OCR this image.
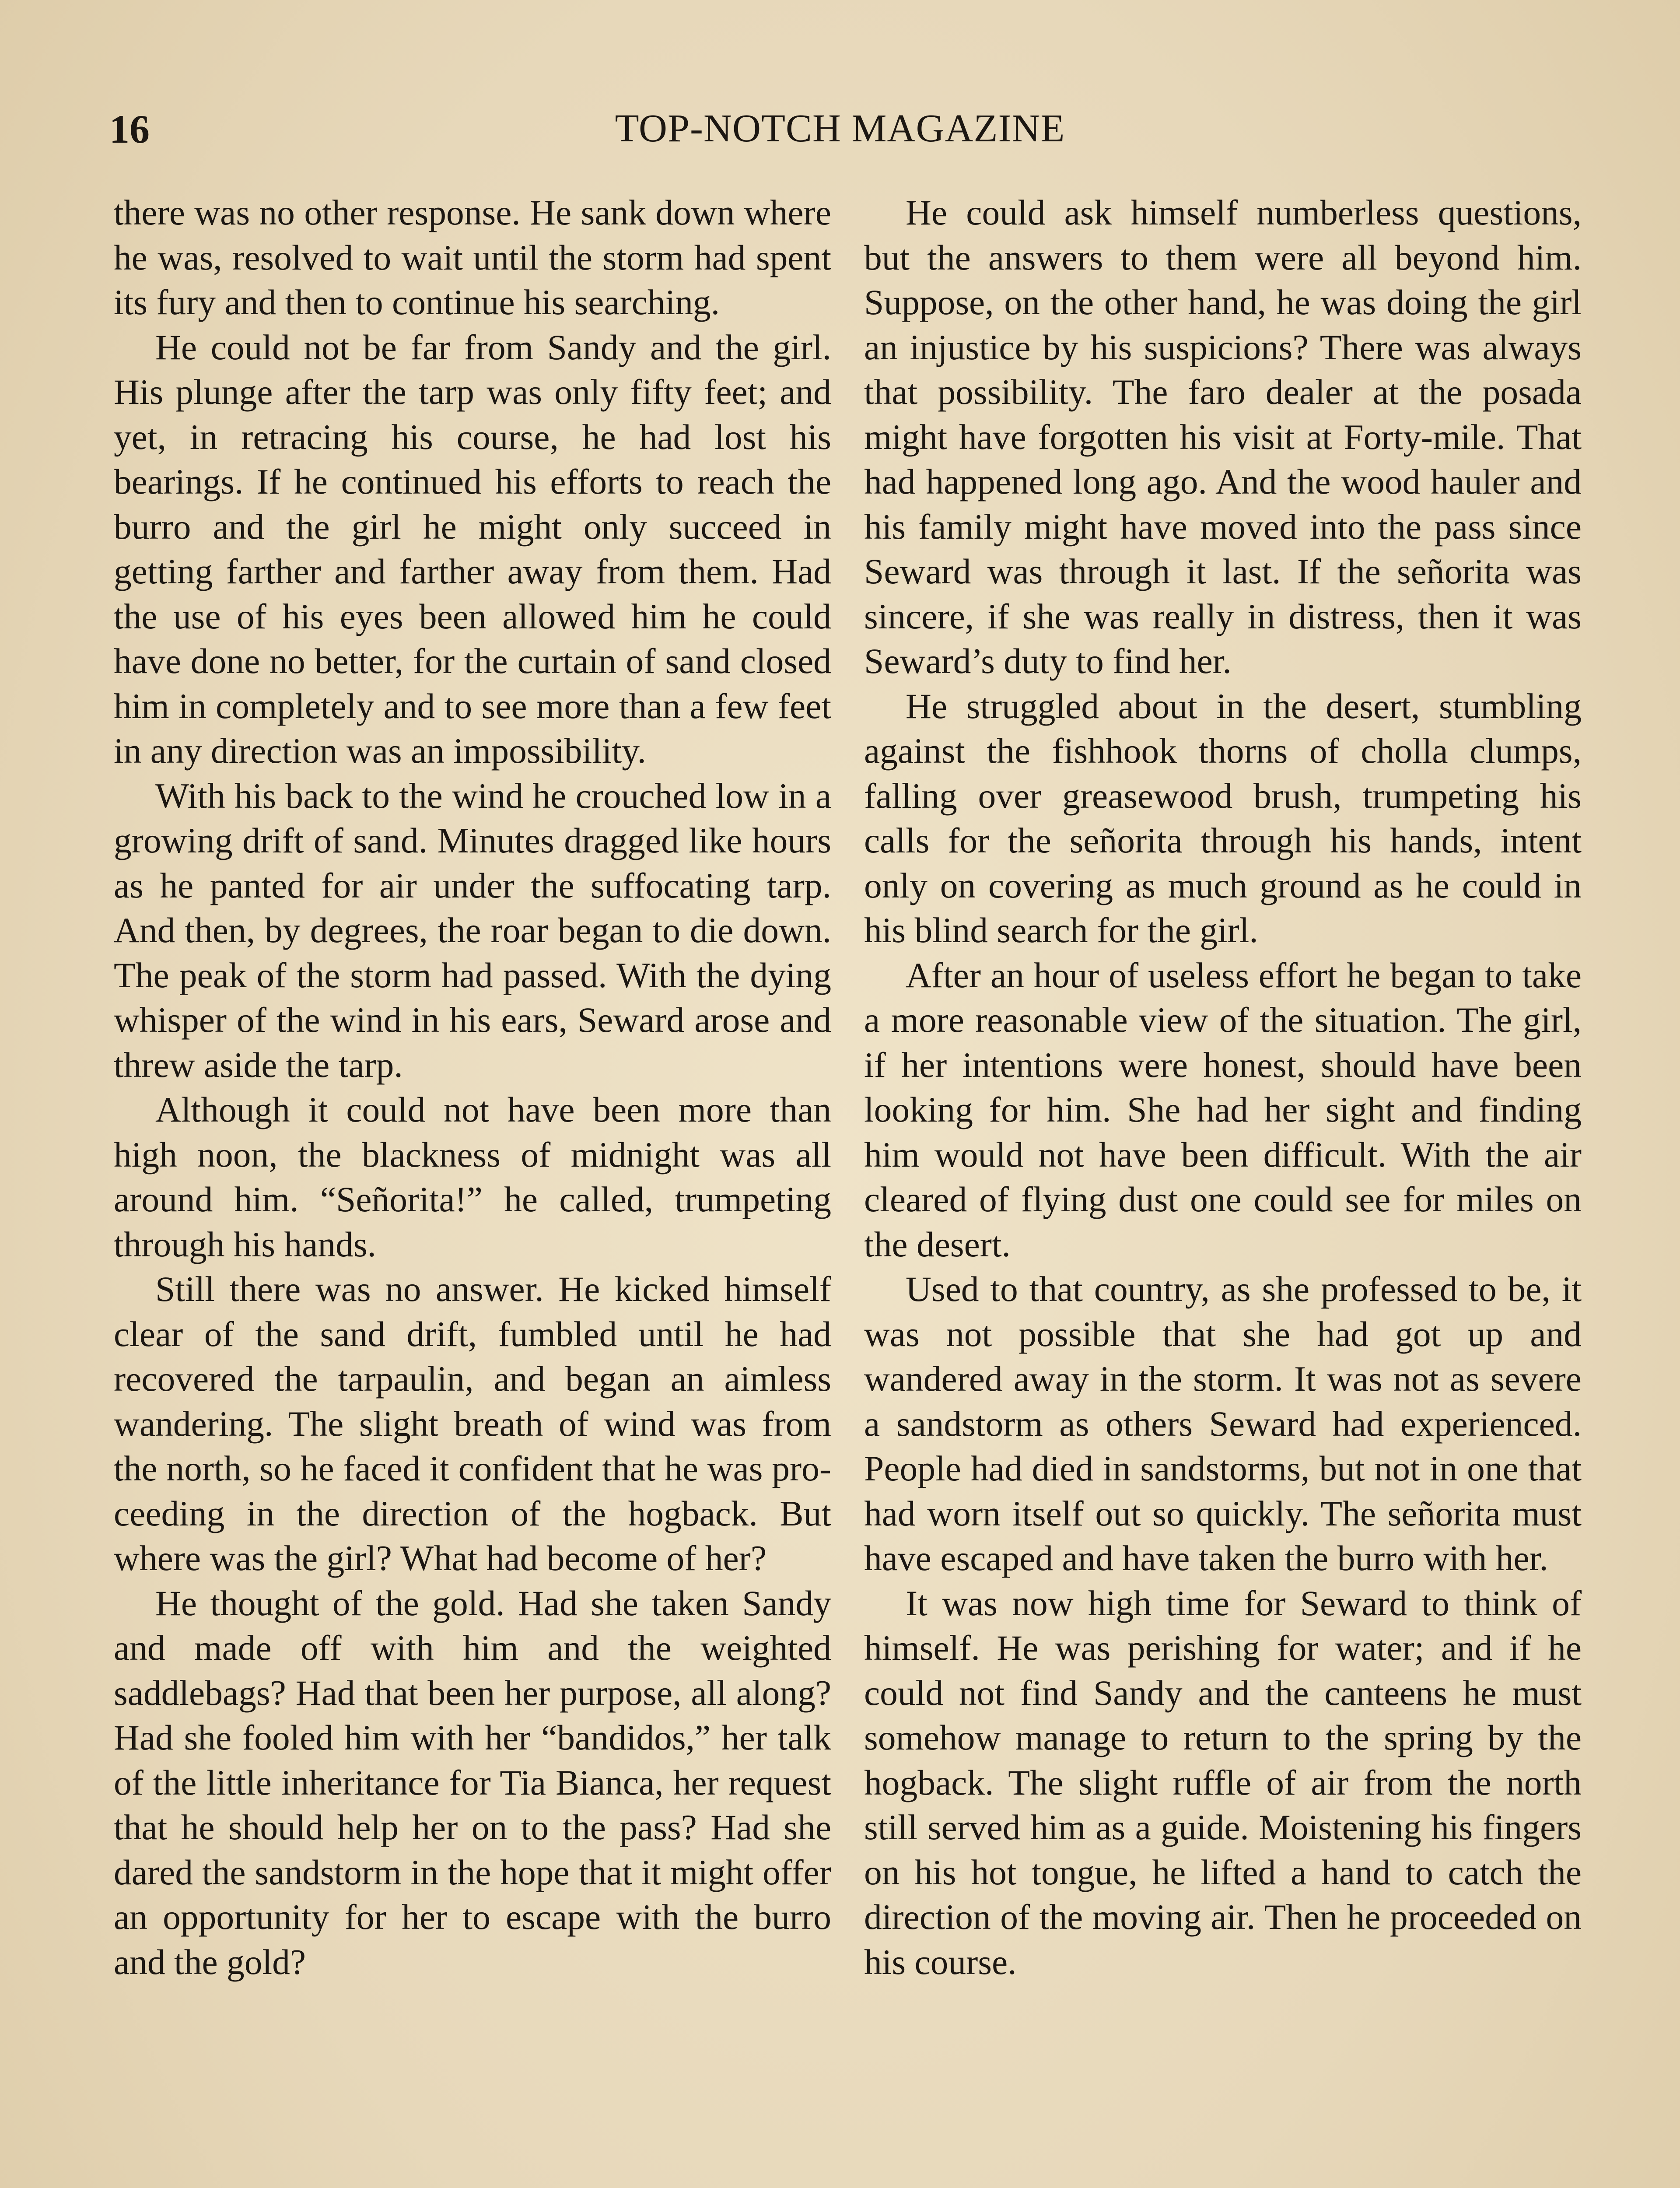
16	TOP-NOTCH MAGAZINE

there was no other response. He sank down where he was, resolved to wait until the storm had spent its fury and then to continue his searching.

He could not be far from Sandy and the girl. His plunge after the tarp was only fifty feet; and yet, in retracing his course, he had lost his bearings. If he continued his efforts to reach the burro and the girl he might only succeed in getting farther and farther away from them. Had the use of his eyes been allowed him he could have done no better, for the curtain of sand closed him in completely and to see more than a few feet in any direction was an impossibility.

With his back to the wind he crouched low in a growing drift of sand. Minutes dragged like hours as he panted for air under the suffocating tarp. And then, by degrees, the roar began to die down. The peak of the storm had passed. With the dying whisper of the wind in his ears, Seward arose and threw aside the tarp.

Although it could not have been more than high noon, the blackness of midnight was all around him. “Señorita!” he called, trumpeting through his hands.

Still there was no answer. He kicked himself clear of the sand drift, fumbled until he had recovered the tarpaulin, and began an aimless wandering. The slight breath of wind was from the north, so he faced it confident that he was proceeding in the direction of the hogback. But where was the girl? What had become of her?

He thought of the gold. Had she taken Sandy and made off with him and the weighted saddlebags? Had that been her purpose, all along? Had she fooled him with her “bandidos,” her talk of the little inheritance for Tia Bianca, her request that he should help her on to the pass? Had she dared the sandstorm in the hope that it might offer an opportunity for her to escape with the burro and the gold?

He could ask himself numberless questions, but the answers to them were all beyond him. Suppose, on the other hand, he was doing the girl an injustice by his suspicions? There was always that possibility. The faro dealer at the posada might have forgotten his visit at Forty-mile. That had happened long ago. And the wood hauler and his family might have moved into the pass since Seward was through it last. If the señorita was sincere, if she was really in distress, then it was Seward’s duty to find her.

He struggled about in the desert, stumbling against the fishhook thorns of cholla clumps, falling over greasewood brush, trumpeting his calls for the señorita through his hands, intent only on covering as much ground as he could in his blind search for the girl.

After an hour of useless effort he began to take a more reasonable view of the situation. The girl, if her intentions were honest, should have been looking for him. She had her sight and finding him would not have been difficult. With the air cleared of flying dust one could see for miles on the desert.

Used to that country, as she professed to be, it was not possible that she had got up and wandered away in the storm. It was not as severe a sandstorm as others Seward had experienced. People had died in sandstorms, but not in one that had worn itself out so quickly. The señorita must have escaped and have taken the burro with her.

It was now high time for Seward to think of himself. He was perishing for water; and if he could not find Sandy and the canteens he must somehow manage to return to the spring by the hogback. The slight ruffle of air from the north still served him as a guide. Moistening his fingers on his hot tongue, he lifted a hand to catch the direction of the moving air. Then he proceeded on his course.
